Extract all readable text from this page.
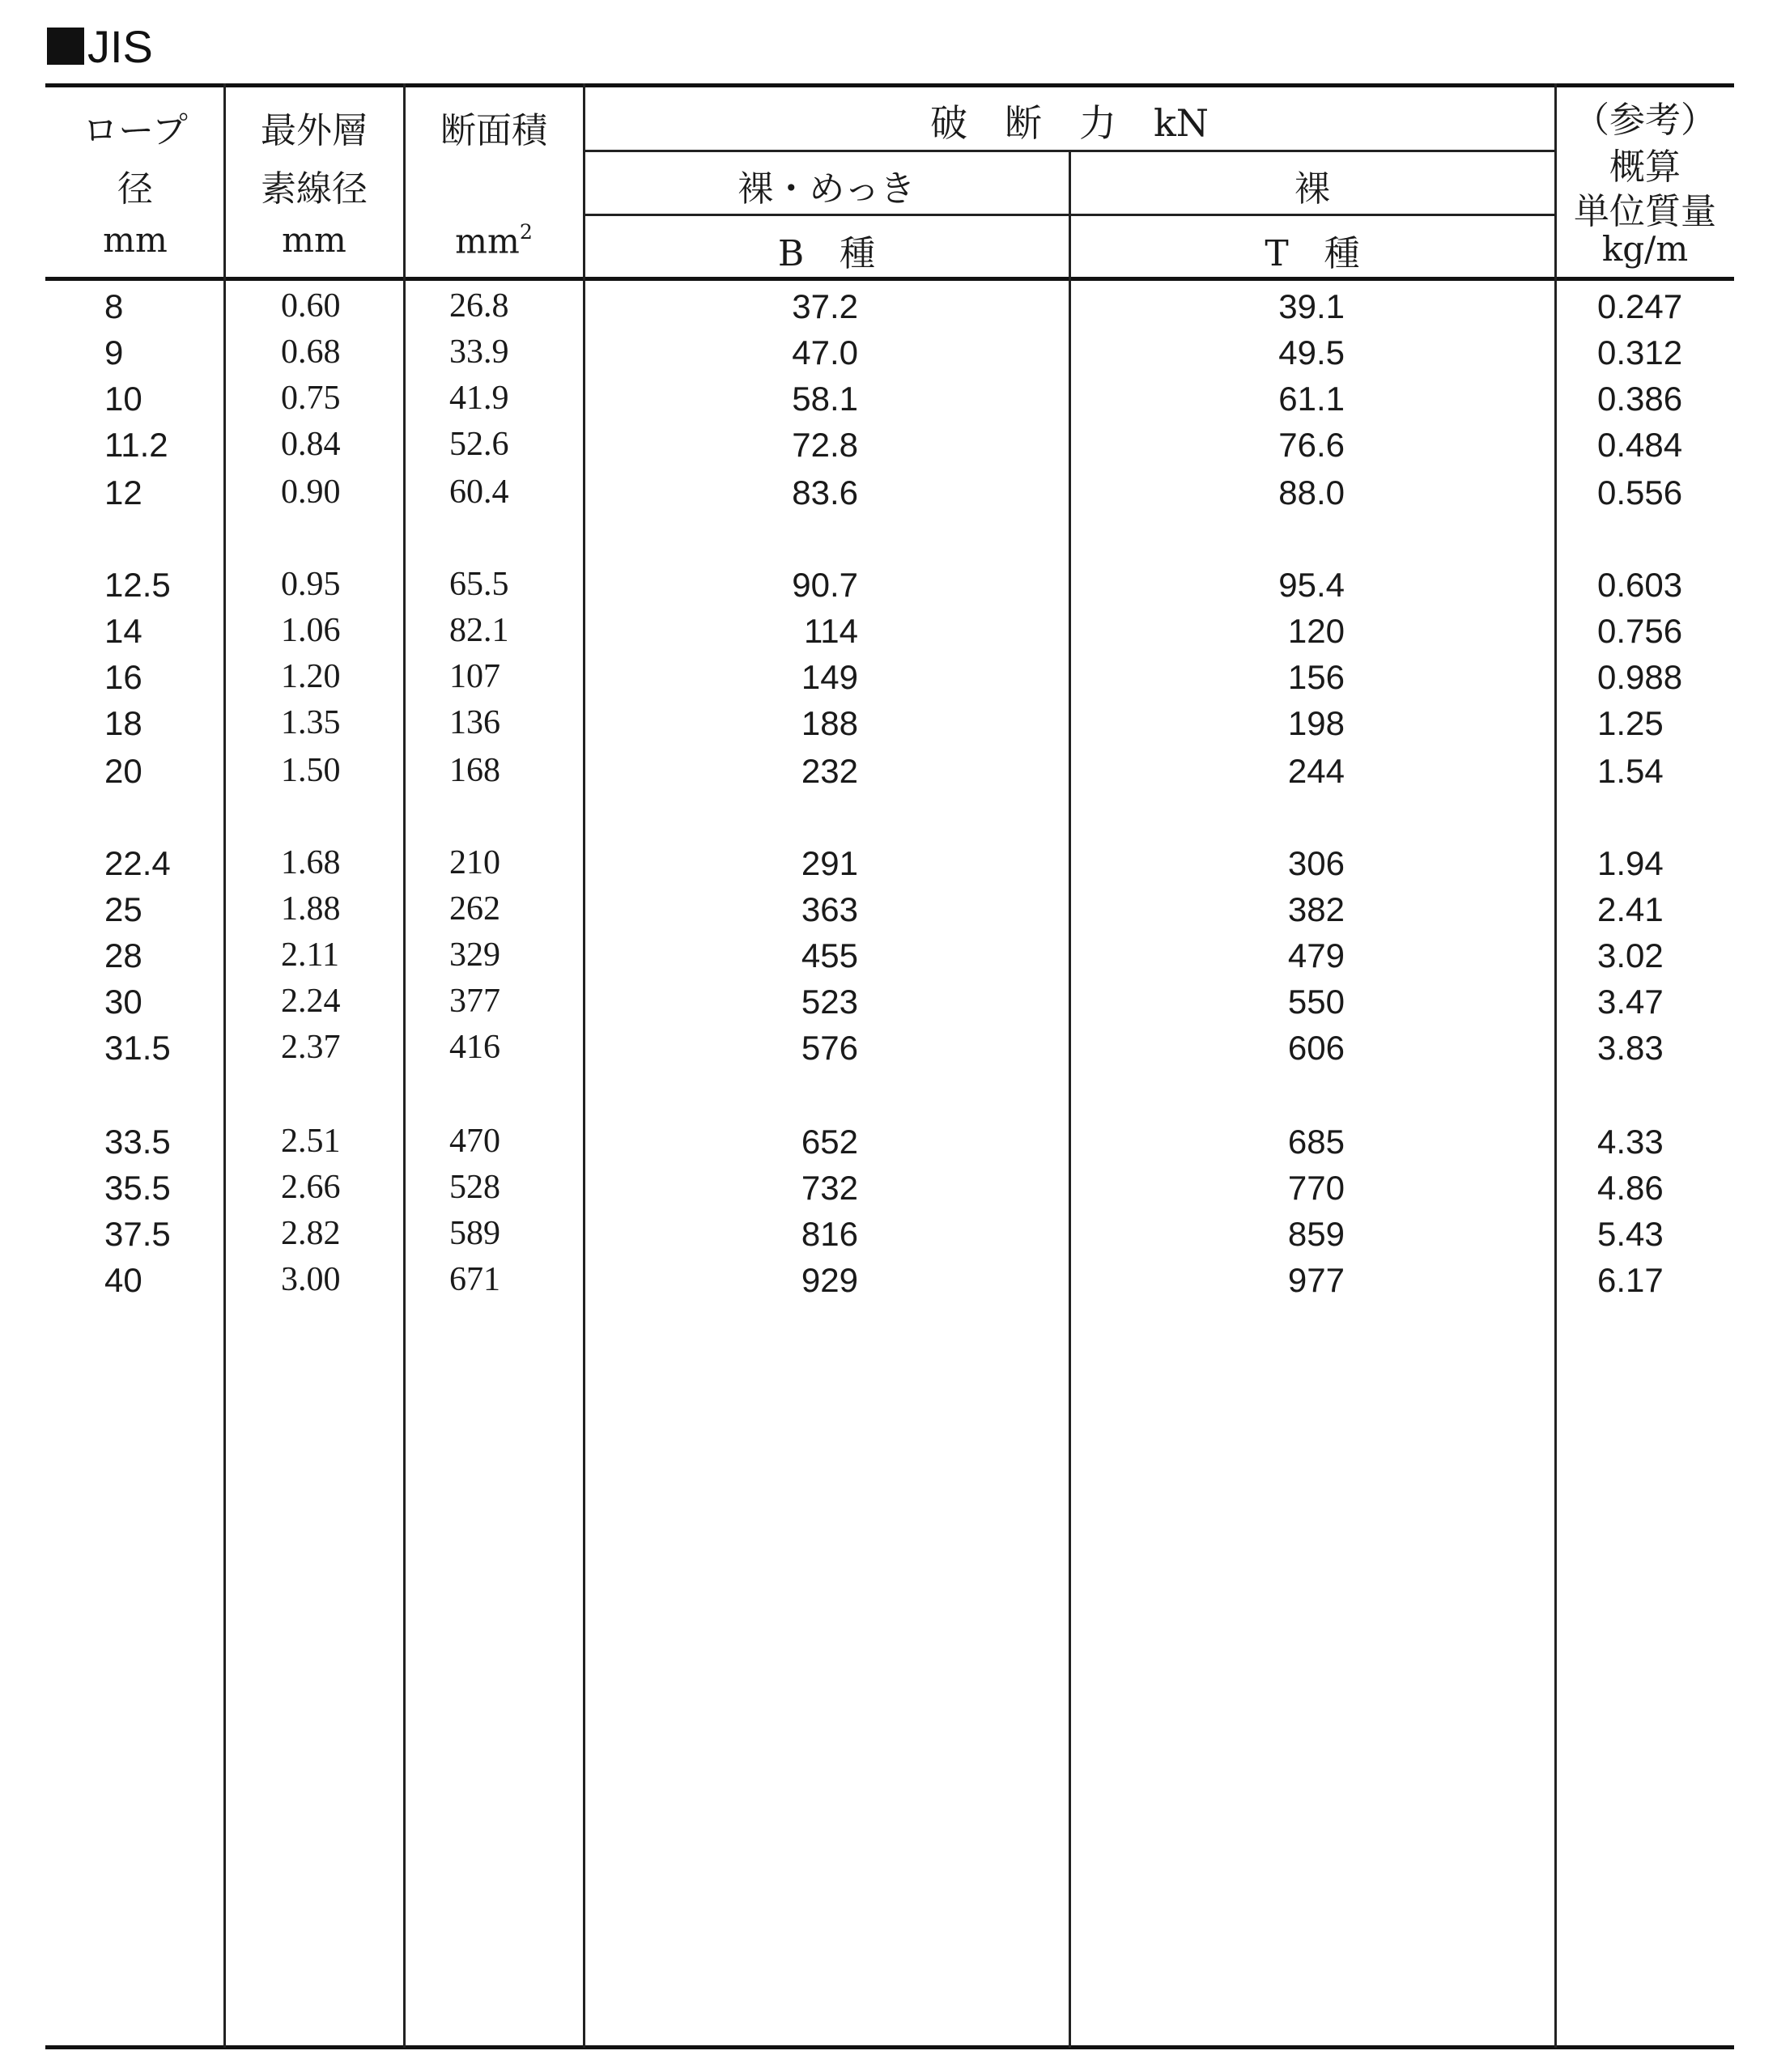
JIS
ロープ
径
mm
最外層
素線径
mm
断面積
$mm^2$
破　断　力　kN
裸・めっき	裸
B　種	T　種
（参考）
概算
単位質量
kg/m
8	0.60	26.8	37.2	39.1	0.247
9	0.68	33.9	47.0	49.5	0.312
10	0.75	41.9	58.1	61.1	0.386
11.2	0.84	52.6	72.8	76.6	0.484
12	0.90	60.4	83.6	88.0	0.556
12.5	0.95	65.5	90.7	95.4	0.603
14	1.06	82.1	114	120	0.756
16	1.20	107	149	156	0.988
18	1.35	136	188	198	1.25
20	1.50	168	232	244	1.54
22.4	1.68	210	291	306	1.94
25	1.88	262	363	382	2.41
28	2.11	329	455	479	3.02
30	2.24	377	523	550	3.47
31.5	2.37	416	576	606	3.83
33.5	2.51	470	652	685	4.33
35.5	2.66	528	732	770	4.86
37.5	2.82	589	816	859	5.43
40	3.00	671	929	977	6.17
